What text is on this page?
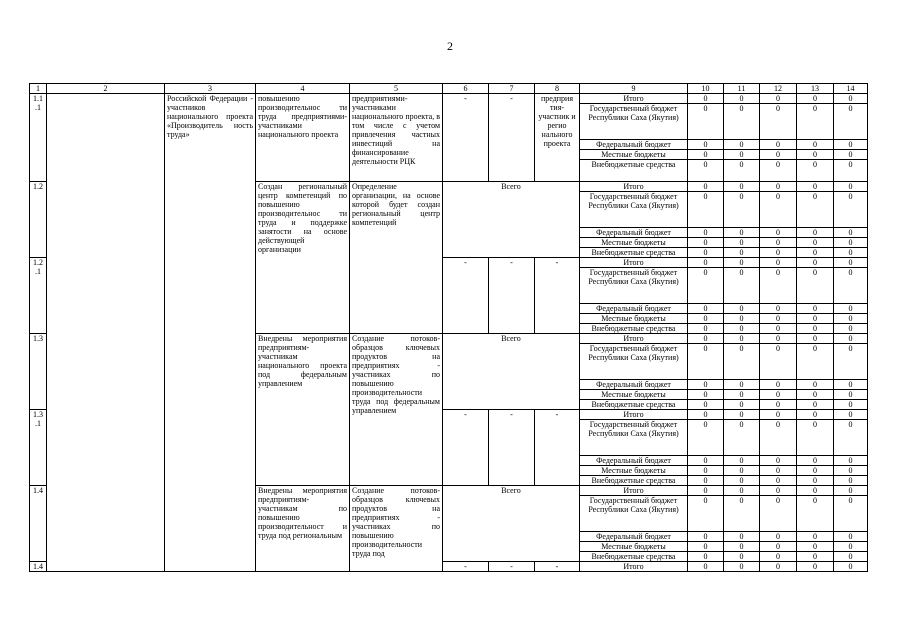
2
1	2	3	4	5	6	7	8	9	10	11	12	13	14
1.1
.1		Российской Федерации - участников национального проекта «Производитель ность труда»	повышению производительнос ти труда предприятиями- участниками национального проекта	предприятиями- участниками национального проекта, в том числе с учетом привлечения частных инвестиций на финансирование деятельности РЦК	-	-	предприя тия- участник и регио нального проекта	Итого	0	0	0	0	0
								Государственный бюджет Республики Саха (Якутия)	0	0	0	0	0
								Федеральный бюджет	0	0	0	0	0
								Местные бюджеты	0	0	0	0	0
								Внебюджетные средства	0	0	0	0	0
1.2			Создан региональный центр компетенций по повышению производительнос ти труда и поддержке занятости на основе действующей организации	Определение организации, на основе которой будет создан региональный центр компетенций	Всего			Итого	0	0	0	0	0
								Государственный бюджет Республики Саха (Якутия)	0	0	0	0	0
								Федеральный бюджет	0	0	0	0	0
								Местные бюджеты	0	0	0	0	0
								Внебюджетные средства	0	0	0	0	0
1.2
.1					-	-	-	Итого	0	0	0	0	0
								Государственный бюджет Республики Саха (Якутия)	0	0	0	0	0
								Федеральный бюджет	0	0	0	0	0
								Местные бюджеты	0	0	0	0	0
								Внебюджетные средства	0	0	0	0	0
1.3			Внедрены мероприятия предприятиям- участникам национального проекта под федеральным управлением	Создание потоков- образцов ключевых продуктов на предприятиях - участниках по повышению производительности труда под федеральным управлением	Всего			Итого	0	0	0	0	0
								Государственный бюджет Республики Саха (Якутия)	0	0	0	0	0
								Федеральный бюджет	0	0	0	0	0
								Местные бюджеты	0	0	0	0	0
								Внебюджетные средства	0	0	0	0	0
1.3
.1					-	-	-	Итого	0	0	0	0	0
								Государственный бюджет Республики Саха (Якутия)	0	0	0	0	0
								Федеральный бюджет	0	0	0	0	0
								Местные бюджеты	0	0	0	0	0
								Внебюджетные средства	0	0	0	0	0
1.4			Внедрены мероприятия предприятиям- участникам по повышению производительност и труда под региональным	Создание потоков- образцов ключевых продуктов на предприятиях - участниках по повышению производительности труда под	Всего			Итого	0	0	0	0	0
								Государственный бюджет Республики Саха (Якутия)	0	0	0	0	0
								Федеральный бюджет	0	0	0	0	0
								Местные бюджеты	0	0	0	0	0
								Внебюджетные средства	0	0	0	0	0
1.4					-	-	-	Итого	0	0	0	0	0
